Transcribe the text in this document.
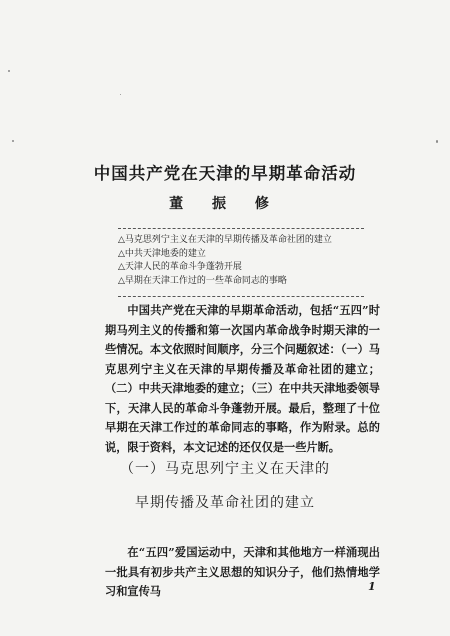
中国共产党在天津的早期革命活动
董 振 修
△马克思列宁主义在天津的早期传播及革命社团的建立
△中共天津地委的建立
△天津人民的革命斗争蓬勃开展
△早期在天津工作过的一些革命同志的事略
中国共产党在天津的早期革命活动，包括“五四”时期马列主义的传播和第一次国内革命战争时期天津的一些情况。本文依照时间顺序，分三个问题叙述：（一）马克思列宁主义在天津的早期传播及革命社团的建立；（二）中共天津地委的建立；（三）在中共天津地委领导下，天津人民的革命斗争蓬勃开展。最后，整理了十位早期在天津工作过的革命同志的事略，作为附录。总的说，限于资料，本文记述的还仅仅是一些片断。
（一）马克思列宁主义在天津的
早期传播及革命社团的建立
在“五四”爱国运动中，天津和其他地方一样涌现出一批具有初步共产主义思想的知识分子，他们热情地学习和宣传马	1
